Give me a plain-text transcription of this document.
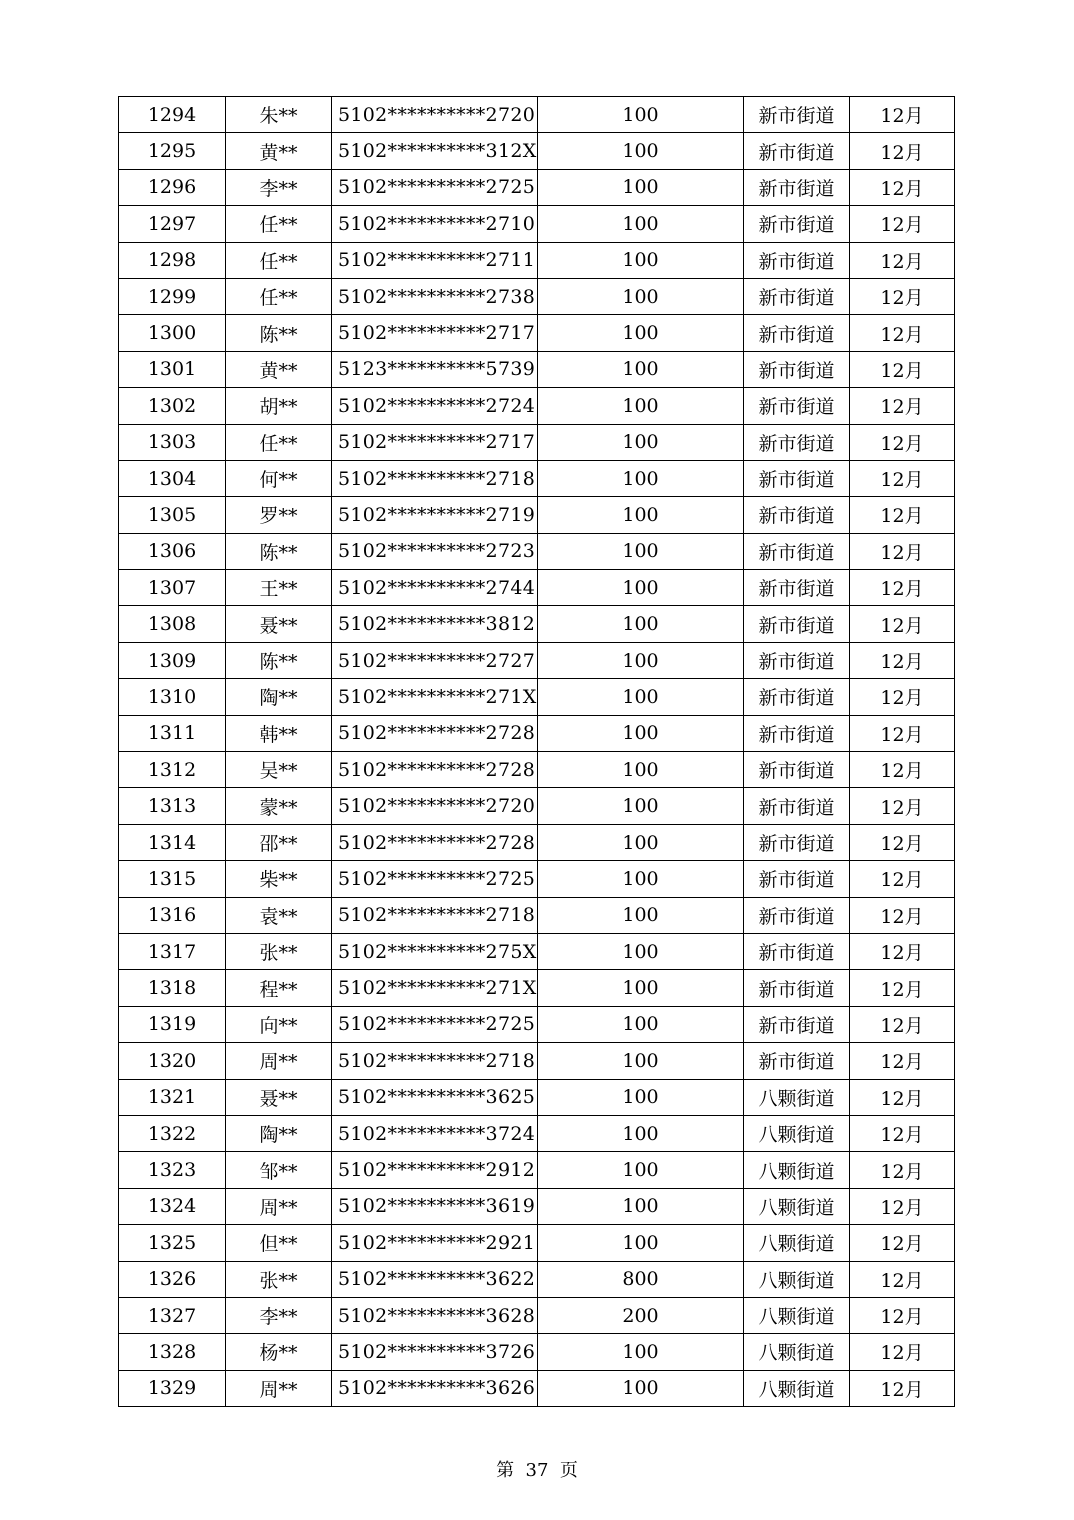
1294	朱**	5102**********2720	100	新市街道	12月
1295	黄**	5102**********312X	100	新市街道	12月
1296	李**	5102**********2725	100	新市街道	12月
1297	任**	5102**********2710	100	新市街道	12月
1298	任**	5102**********2711	100	新市街道	12月
1299	任**	5102**********2738	100	新市街道	12月
1300	陈**	5102**********2717	100	新市街道	12月
1301	黄**	5123**********5739	100	新市街道	12月
1302	胡**	5102**********2724	100	新市街道	12月
1303	任**	5102**********2717	100	新市街道	12月
1304	何**	5102**********2718	100	新市街道	12月
1305	罗**	5102**********2719	100	新市街道	12月
1306	陈**	5102**********2723	100	新市街道	12月
1307	王**	5102**********2744	100	新市街道	12月
1308	聂**	5102**********3812	100	新市街道	12月
1309	陈**	5102**********2727	100	新市街道	12月
1310	陶**	5102**********271X	100	新市街道	12月
1311	韩**	5102**********2728	100	新市街道	12月
1312	吴**	5102**********2728	100	新市街道	12月
1313	蒙**	5102**********2720	100	新市街道	12月
1314	邵**	5102**********2728	100	新市街道	12月
1315	柴**	5102**********2725	100	新市街道	12月
1316	袁**	5102**********2718	100	新市街道	12月
1317	张**	5102**********275X	100	新市街道	12月
1318	程**	5102**********271X	100	新市街道	12月
1319	向**	5102**********2725	100	新市街道	12月
1320	周**	5102**********2718	100	新市街道	12月
1321	聂**	5102**********3625	100	八颗街道	12月
1322	陶**	5102**********3724	100	八颗街道	12月
1323	邹**	5102**********2912	100	八颗街道	12月
1324	周**	5102**********3619	100	八颗街道	12月
1325	但**	5102**********2921	100	八颗街道	12月
1326	张**	5102**********3622	800	八颗街道	12月
1327	李**	5102**********3628	200	八颗街道	12月
1328	杨**	5102**********3726	100	八颗街道	12月
1329	周**	5102**********3626	100	八颗街道	12月
第  37  页
